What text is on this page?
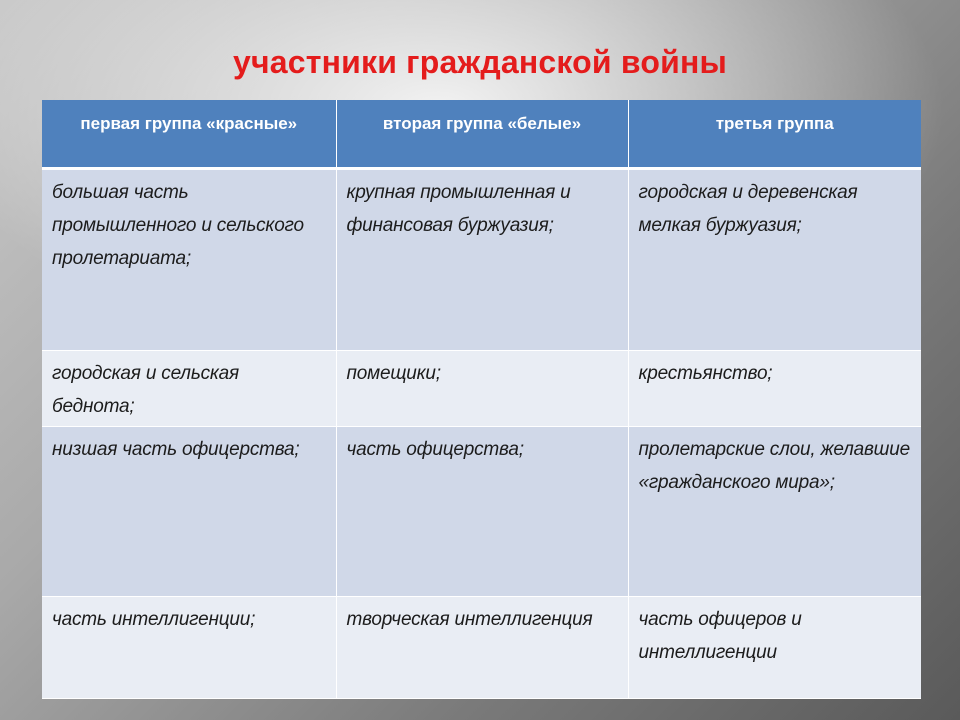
участники гражданской войны
первая группа «красные»	вторая группа «белые»	третья группа
большая часть промышленного и сельского пролетариата;	крупная промышленная и финансовая буржуазия;	городская и деревенская мелкая буржуазия;
городская и сельская беднота;	помещики;	крестьянство;
низшая часть офицерства;	часть офицерства;	пролетарские слои, желавшие «гражданского мира»;
часть интеллигенции;	творческая интеллигенция	часть офицеров и интеллигенции
